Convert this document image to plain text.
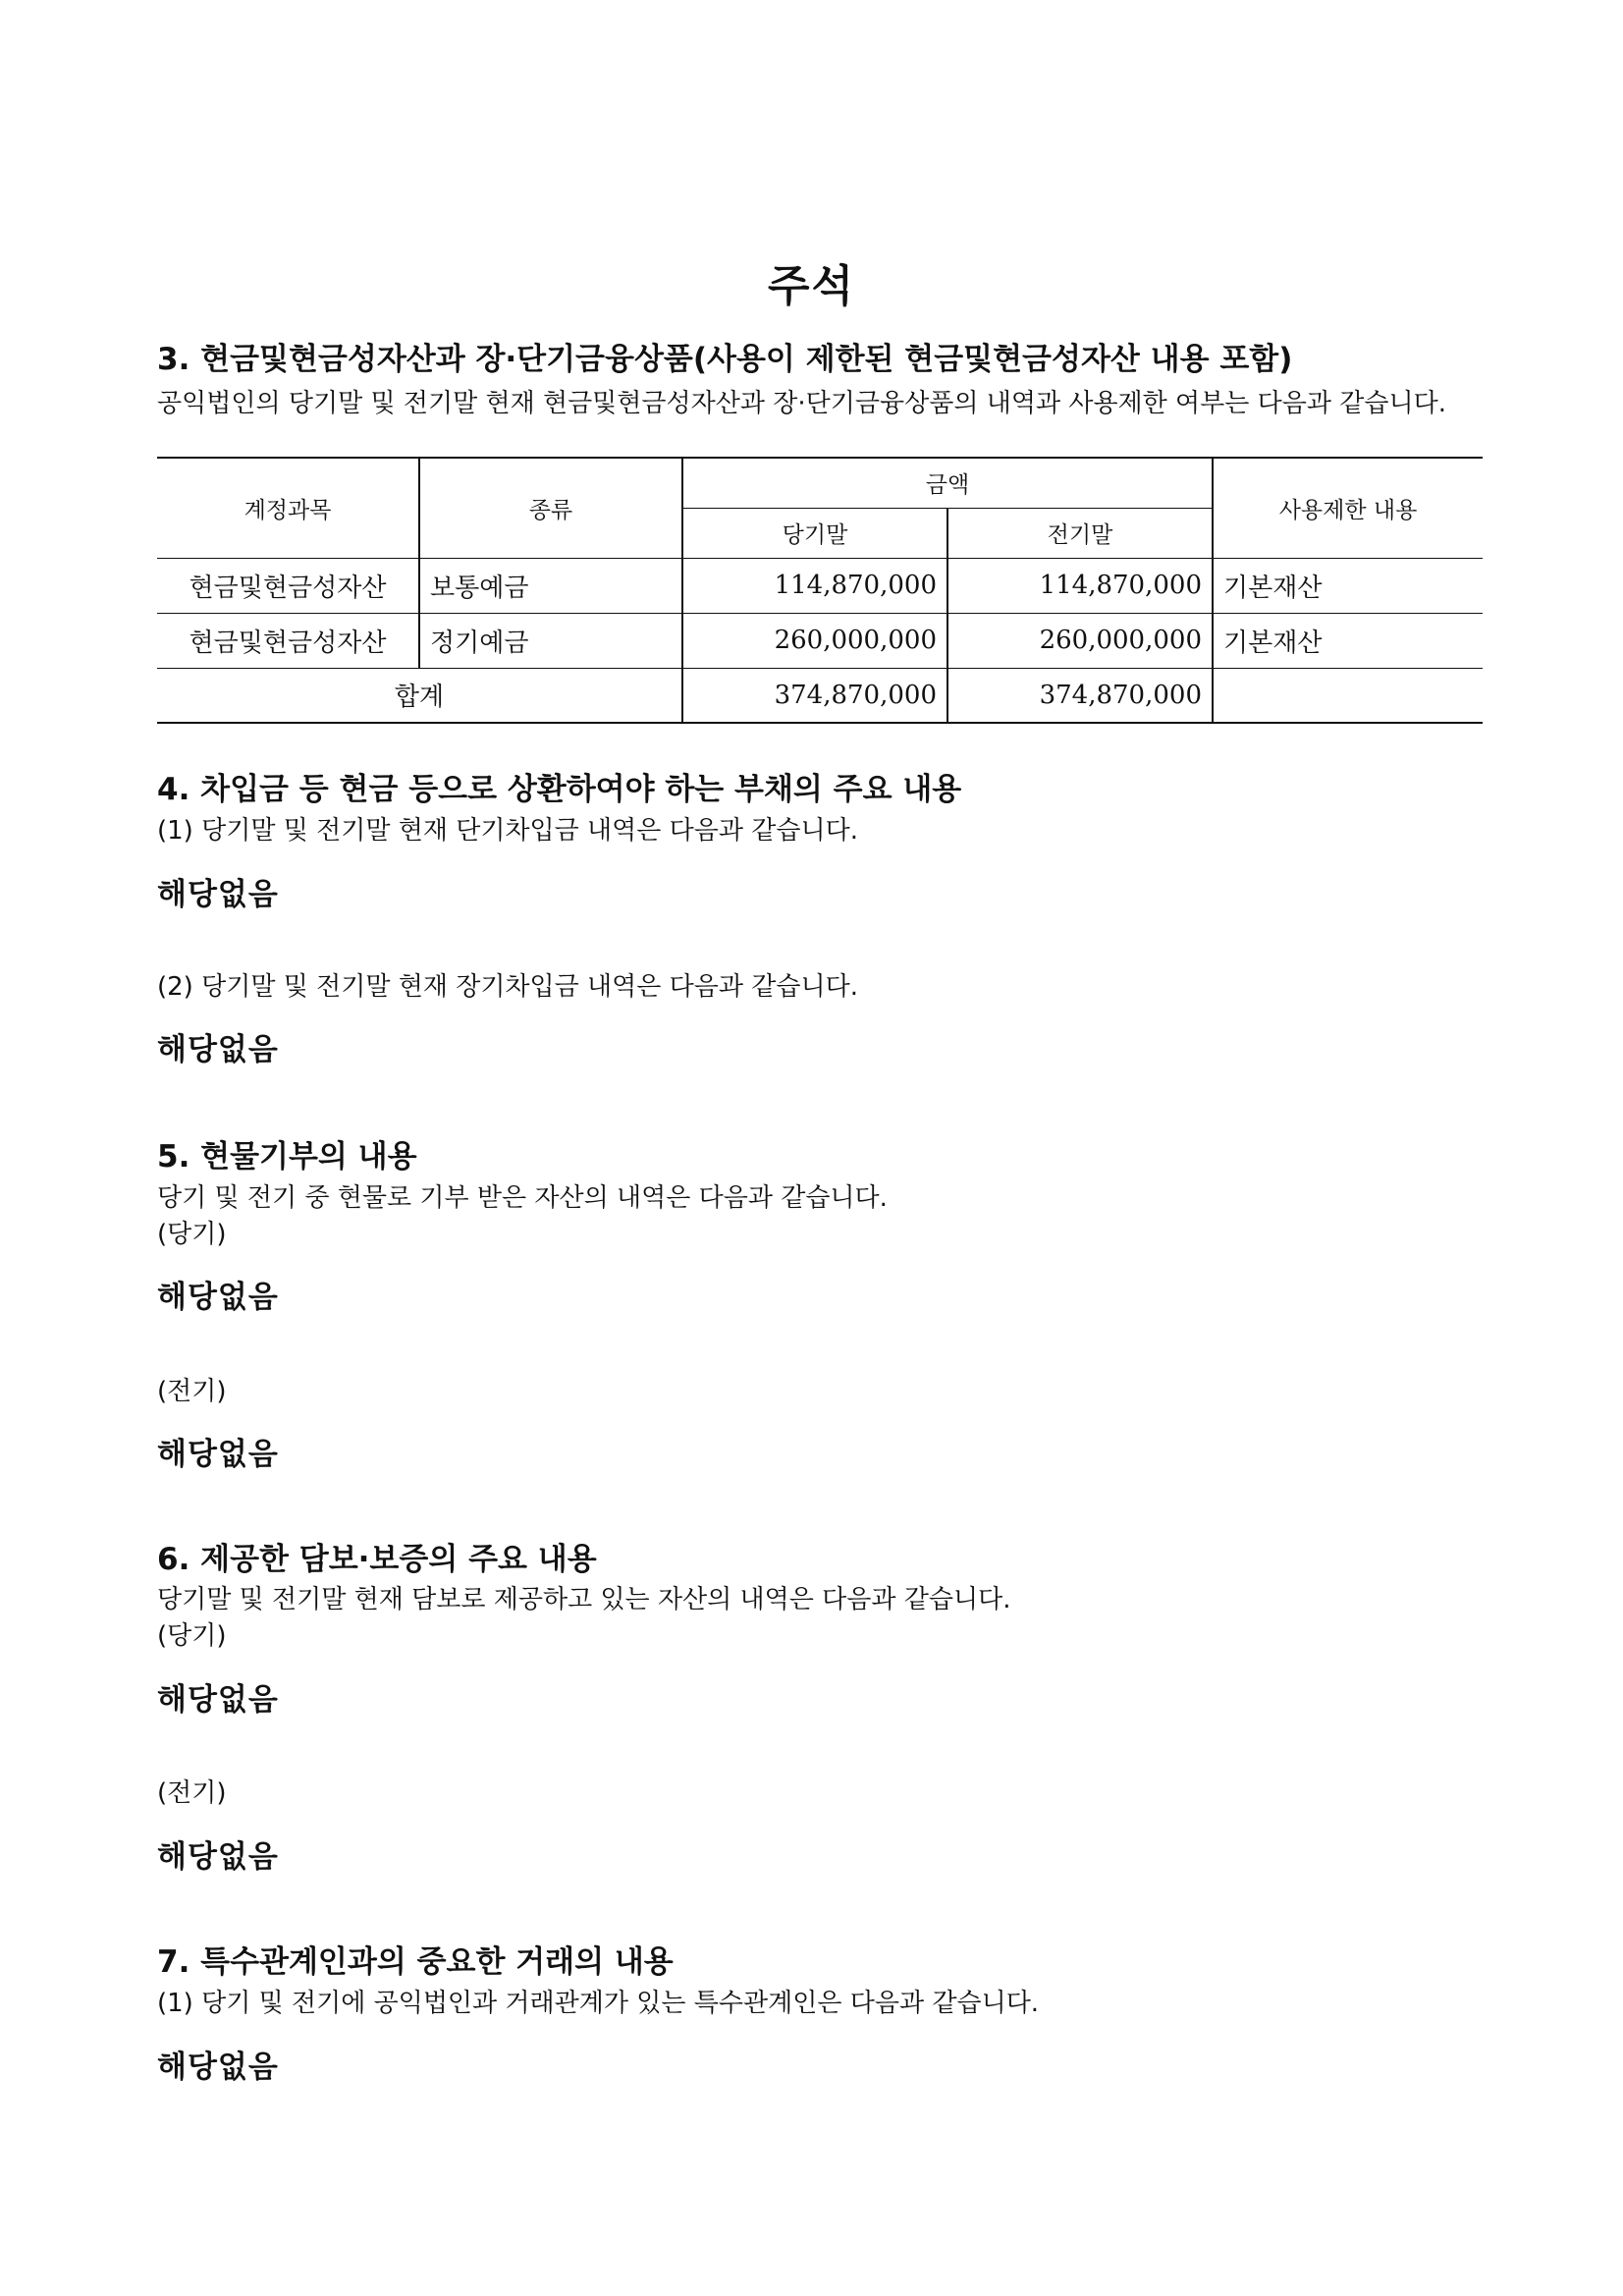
주석
3. 현금및현금성자산과 장·단기금융상품(사용이 제한된 현금및현금성자산 내용 포함)
공익법인의 당기말 및 전기말 현재 현금및현금성자산과 장·단기금융상품의 내역과 사용제한 여부는 다음과 같습니다.
계정과목	종류	금액		사용제한 내용
		당기말	전기말	
현금및현금성자산	보통예금	114,870,000	114,870,000	기본재산
현금및현금성자산	정기예금	260,000,000	260,000,000	기본재산
합계		374,870,000	374,870,000	
4. 차입금 등 현금 등으로 상환하여야 하는 부채의 주요 내용
(1) 당기말 및 전기말 현재 단기차입금 내역은 다음과 같습니다.
해당없음
(2) 당기말 및 전기말 현재 장기차입금 내역은 다음과 같습니다.
해당없음
5. 현물기부의 내용
당기 및 전기 중 현물로 기부 받은 자산의 내역은 다음과 같습니다.
(당기)
해당없음
(전기)
해당없음
6. 제공한 담보·보증의 주요 내용
당기말 및 전기말 현재 담보로 제공하고 있는 자산의 내역은 다음과 같습니다.
(당기)
해당없음
(전기)
해당없음
7. 특수관계인과의 중요한 거래의 내용
(1) 당기 및 전기에 공익법인과 거래관계가 있는 특수관계인은 다음과 같습니다.
해당없음
